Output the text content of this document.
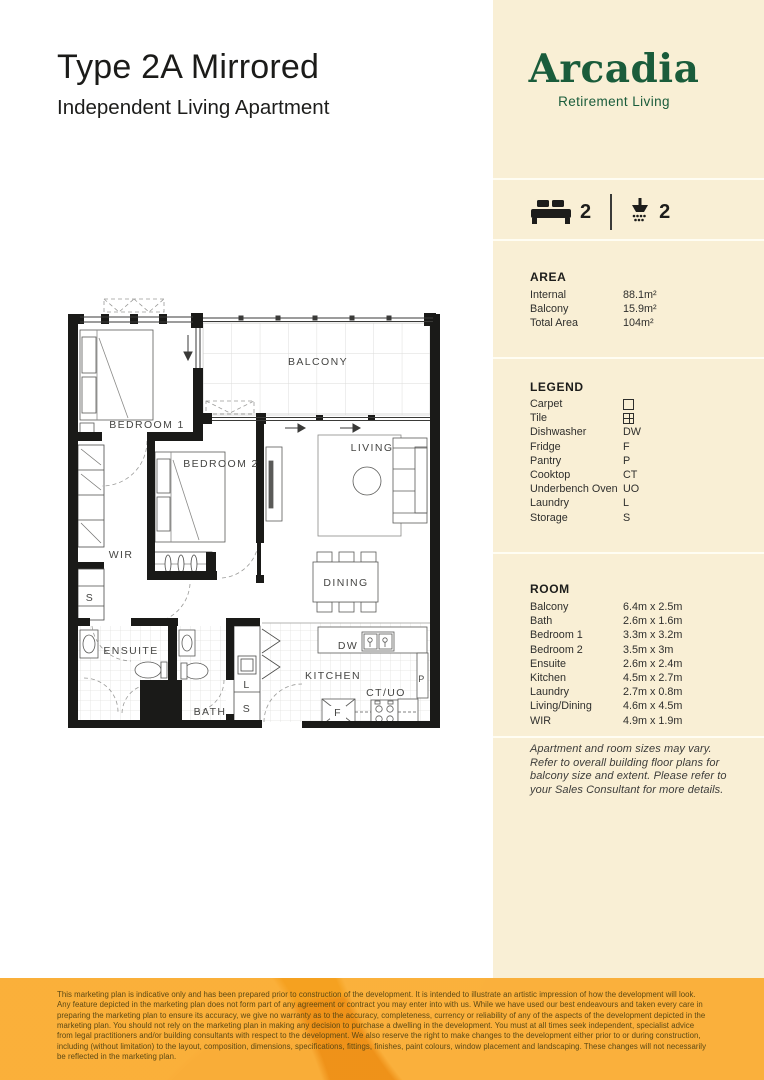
Type 2A Mirrored
Independent Living Apartment
BALCONY
BEDROOM 1
BEDROOM 2
LIVING
DINING
WIR
ENSUITE
BATH
KITCHEN
DW
F
P
CT/UO
L
S
S
Arcadia
Retirement Living
2	2
AREA
Internal	88.1m²
Balcony	15.9m²
Total Area	104m²
LEGEND
Carpet
Tile
Dishwasher	DW
Fridge	F
Pantry	P
Cooktop	CT
Underbench Oven UO
Laundry	L
Storage	S
ROOM
Balcony	6.4m x 2.5m
Bath	2.6m x 1.6m
Bedroom 1	3.3m x 3.2m
Bedroom 2	3.5m x 3m
Ensuite	2.6m x 2.4m
Kitchen	4.5m x 2.7m
Laundry	2.7m x 0.8m
Living/Dining	4.6m x 4.5m
WIR	4.9m x 1.9m
Apartment and room sizes may vary. Refer to overall building floor plans for balcony size and extent. Please refer to your Sales Consultant for more details.

This marketing plan is indicative only and has been prepared prior to construction of the development. It is intended to illustrate an artistic impression of how the development will look. Any feature depicted in the marketing plan does not form part of any agreement or contract you may enter into with us. While we have used our best endeavours and taken every care in preparing the marketing plan to ensure its accuracy, we give no warranty as to the accuracy, completeness, currency or reliability of any of the aspects of the development depicted in the marketing plan. You should not rely on the marketing plan in making any decision to purchase a dwelling in the development. You must at all times seek independent, specialist advice from legal practitioners and/or building consultants with respect to the development. We also reserve the right to make changes to the development either prior to or during construction, including (without limitation) to the layout, composition, dimensions, specifications, fittings, finishes, paint colours, window placement and landscaping. These changes will not necessarily be reflected in the marketing plan.
